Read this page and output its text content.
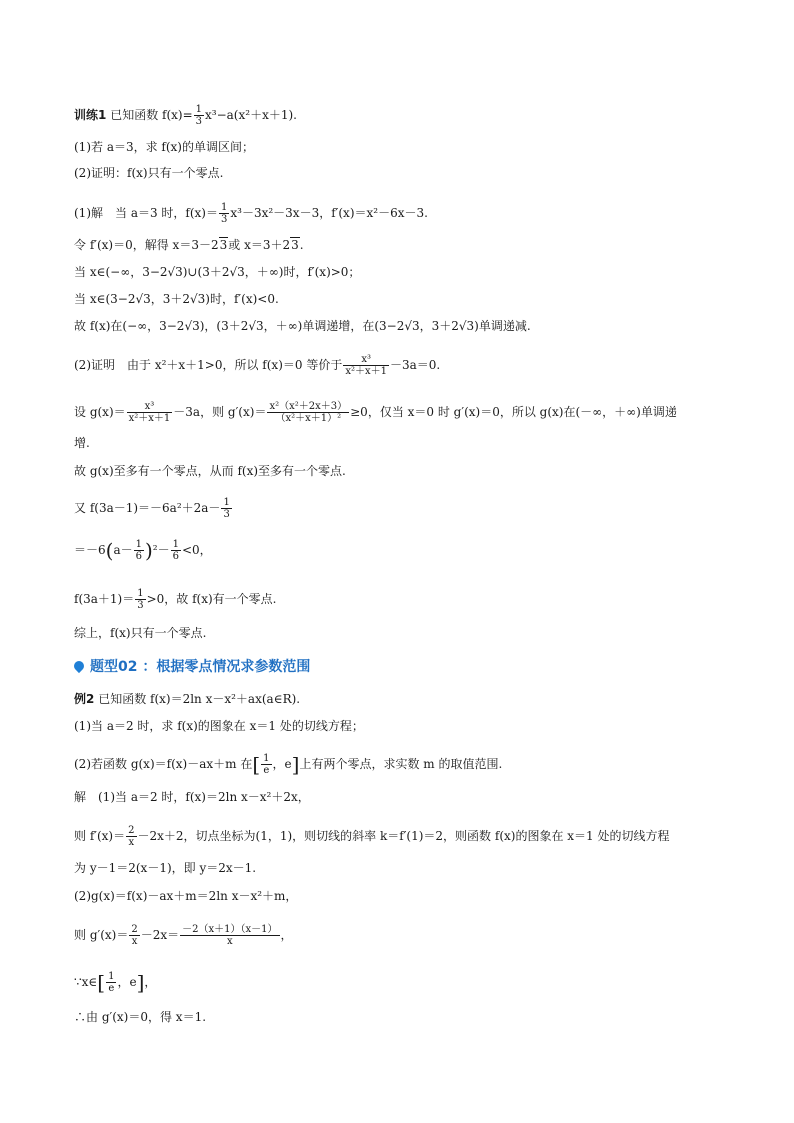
训练1 已知函数 $f(x)= \frac{1}{3} x^3-a(x^2+x+1)$.
(1)若 a＝3，求 f(x)的单调区间；
(2)证明：f(x)只有一个零点.
(1)解　当 a＝3 时，$f(x)= \frac{1}{3} x^3-3x^2-3x-3$，f′(x)＝x²－6x－3.
令 f′(x)＝0，解得 x＝3－23或 x＝3＋23.
当 x∈(−∞，3−2√3)∪(3＋2√3，＋∞)时，f′(x)>0；
当 x∈(3−2√3，3＋2√3)时，f′(x)<0.
故 f(x)在(−∞，3−2√3)，(3＋2√3，＋∞)单调递增，在(3−2√3，3＋2√3)单调递减.
(2)证明　由于 x²＋x＋1>0，所以 f(x)＝0 等价于 $\frac{\text{x³}}{\text{x²＋x＋1}} -3a=0$.
设 $g(x)= \frac{\text{x³}}{\text{x²＋x＋1}} -3a$，则 $g'(x)= \frac{\text{x²（x²＋2x＋3）}}{\text{（x²＋x＋1）²}} \ge 0$，仅当 x＝0 时 g′(x)＝0，所以 g(x)在(－∞，＋∞)单调递
增.
故 g(x)至多有一个零点，从而 f(x)至多有一个零点.
又 $f(3a-1)=-6a^2+2a- \frac{1}{3}$
$=-6(a- \frac{1}{6} )^2- \frac{1}{6} <0$，
$f(3a+1)= \frac{1}{3} >0$，故 f(x)有一个零点.
综上，f(x)只有一个零点.
题型02 ：根据零点情况求参数范围
例2 已知函数 f(x)＝2ln x－x²＋ax(a∈R).
(1)当 a＝2 时，求 f(x)的图象在 x＝1 处的切线方程；
(2)若函数 g(x)＝f(x)－ax＋m 在[ $\frac{1}{e}$ ，e]上有两个零点，求实数 m 的取值范围.
解　(1)当 a＝2 时，f(x)＝2ln x－x²＋2x，
则 $f'(x)= \frac{2}{x} -2x+2$，切点坐标为(1，1)，则切线的斜率 k＝f′(1)＝2，则函数 f(x)的图象在 x＝1 处的切线方程
为 y－1＝2(x－1)，即 y＝2x－1.
(2)g(x)＝f(x)－ax＋m＝2ln x－x²＋m，
则 $g'(x)= \frac{2}{x} -2x= \frac{-2(x+1)(x-1)}{x}$ ，
∵x∈[ $\frac{1}{e}$ ，e]，
∴由 g′(x)＝0，得 x＝1.
